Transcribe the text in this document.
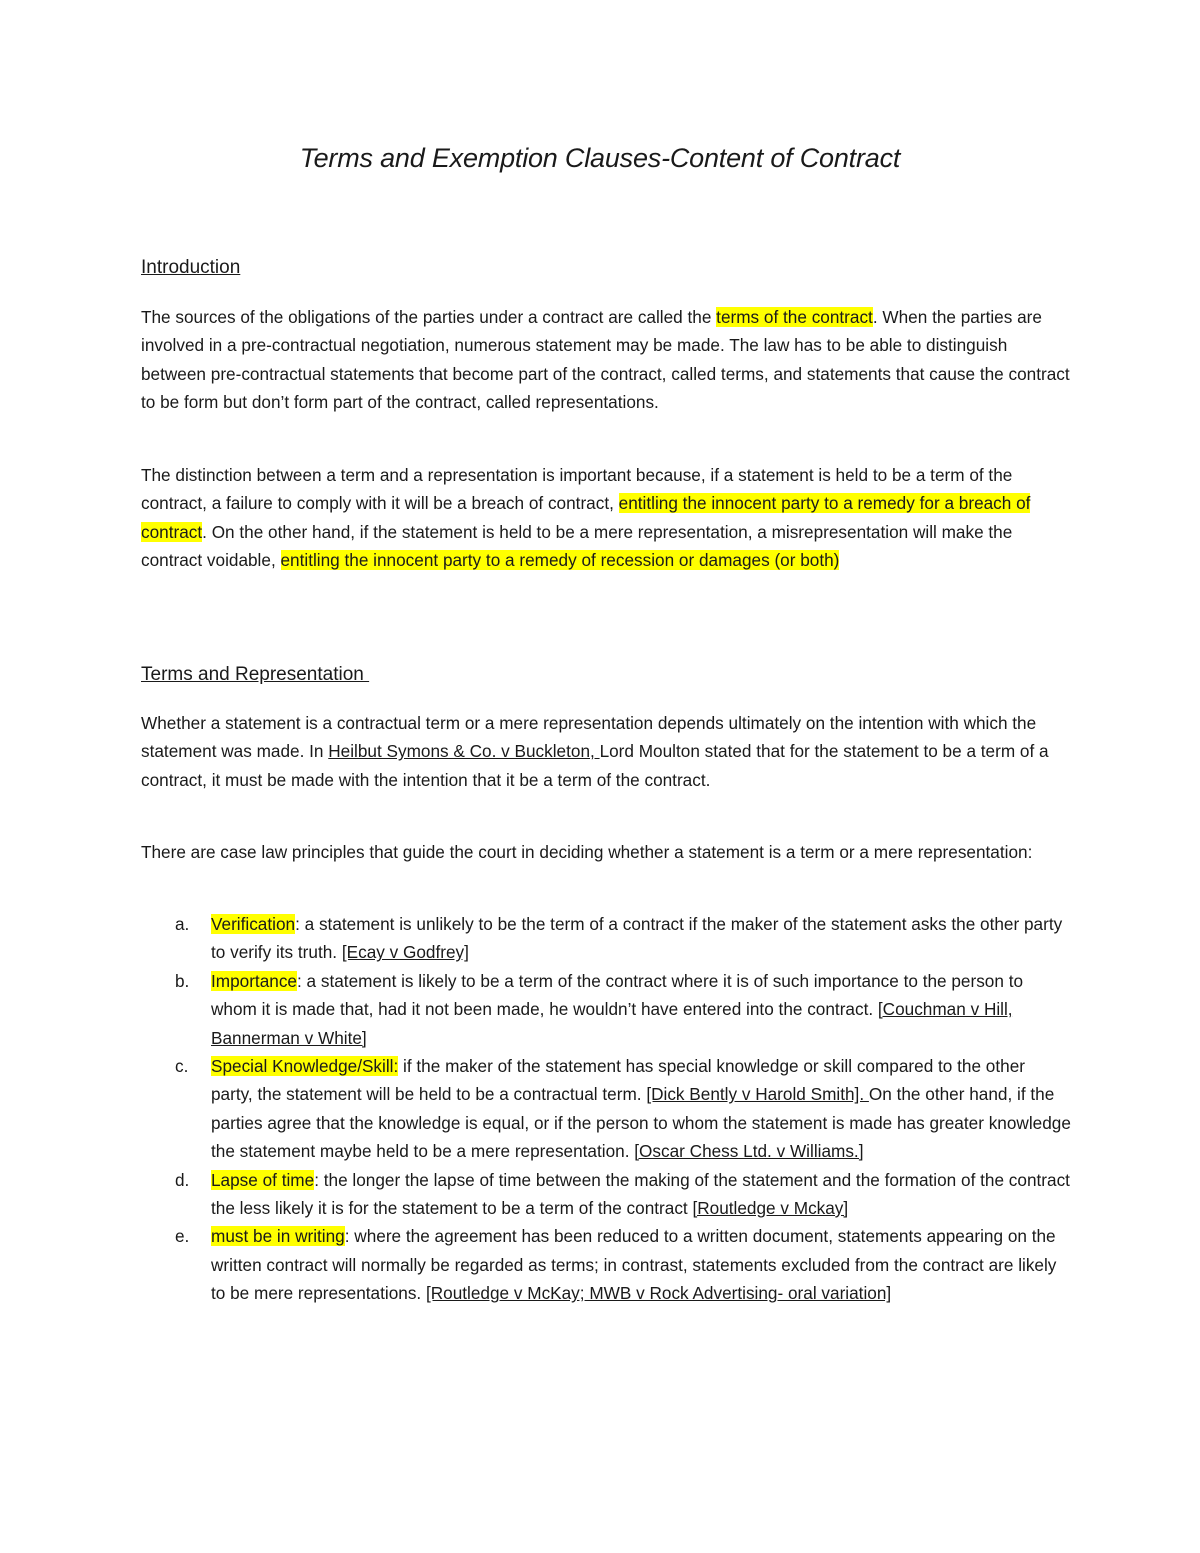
Terms and Exemption Clauses-Content of Contract
Introduction

The sources of the obligations of the parties under a contract are called the terms of the contract. When the parties are involved in a pre-contractual negotiation, numerous statement may be made. The law has to be able to distinguish between pre-contractual statements that become part of the contract, called terms, and statements that cause the contract to be form but don’t form part of the contract, called representations.

The distinction between a term and a representation is important because, if a statement is held to be a term of the contract, a failure to comply with it will be a breach of contract, entitling the innocent party to a remedy for a breach of contract. On the other hand, if the statement is held to be a mere representation, a misrepresentation will make the contract voidable, entitling the innocent party to a remedy of recession or damages (or both)

Terms and Representation

Whether a statement is a contractual term or a mere representation depends ultimately on the intention with which the statement was made. In Heilbut Symons & Co. v Buckleton, Lord Moulton stated that for the statement to be a term of a contract, it must be made with the intention that it be a term of the contract.

There are case law principles that guide the court in deciding whether a statement is a term or a mere representation:

a. Verification: a statement is unlikely to be the term of a contract if the maker of the statement asks the other party to verify its truth. [Ecay v Godfrey]
b. Importance: a statement is likely to be a term of the contract where it is of such importance to the person to whom it is made that, had it not been made, he wouldn’t have entered into the contract. [Couchman v Hill, Bannerman v White]
c. Special Knowledge/Skill: if the maker of the statement has special knowledge or skill compared to the other party, the statement will be held to be a contractual term. [Dick Bently v Harold Smith]. On the other hand, if the parties agree that the knowledge is equal, or if the person to whom the statement is made has greater knowledge the statement maybe held to be a mere representation. [Oscar Chess Ltd. v Williams.]
d. Lapse of time: the longer the lapse of time between the making of the statement and the formation of the contract the less likely it is for the statement to be a term of the contract [Routledge v Mckay]
e. must be in writing: where the agreement has been reduced to a written document, statements appearing on the written contract will normally be regarded as terms; in contrast, statements excluded from the contract are likely to be mere representations. [Routledge v McKay; MWB v Rock Advertising- oral variation]
